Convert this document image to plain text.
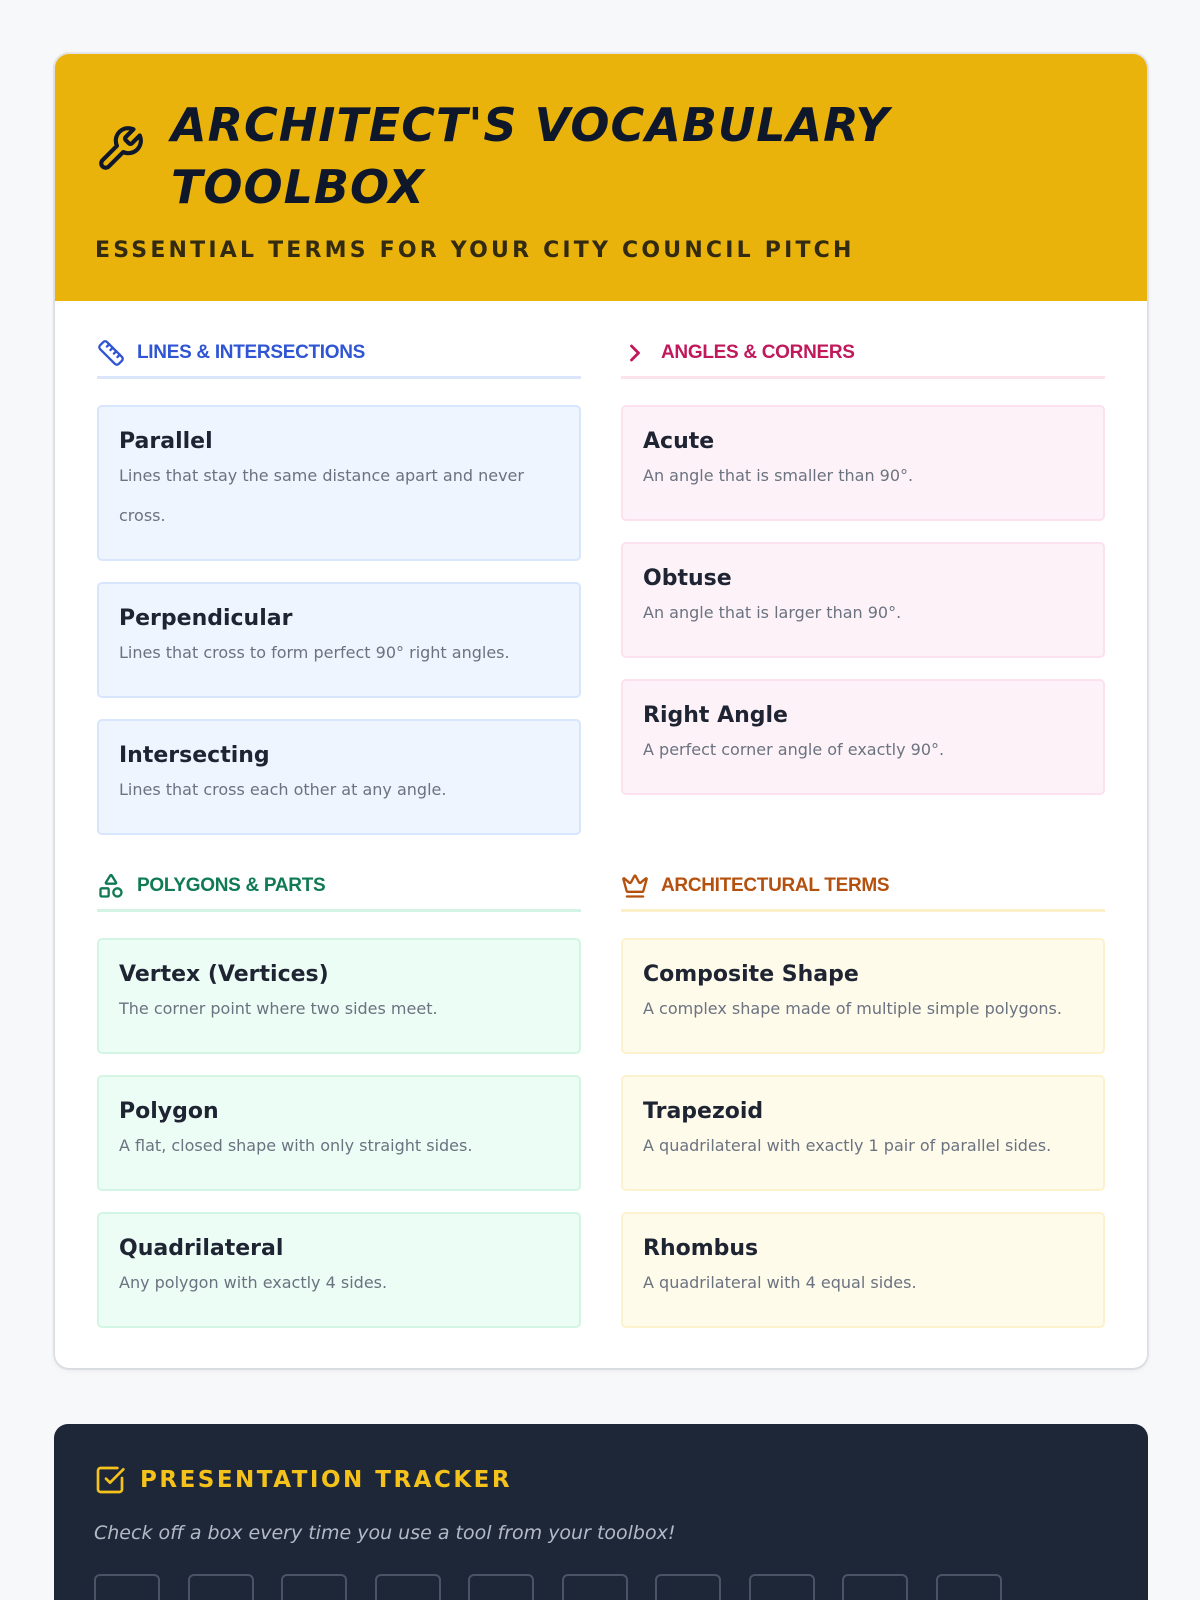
ARCHITECT'S VOCABULARY TOOLBOX
ESSENTIAL TERMS FOR YOUR CITY COUNCIL PITCH
LINES & INTERSECTIONS
Parallel
Lines that stay the same distance apart and never cross.
Perpendicular
Lines that cross to form perfect 90° right angles.
Intersecting
Lines that cross each other at any angle.
ANGLES & CORNERS
Acute
An angle that is smaller than 90°.
Obtuse
An angle that is larger than 90°.
Right Angle
A perfect corner angle of exactly 90°.
POLYGONS & PARTS
Vertex (Vertices)
The corner point where two sides meet.
Polygon
A flat, closed shape with only straight sides.
Quadrilateral
Any polygon with exactly 4 sides.
ARCHITECTURAL TERMS
Composite Shape
A complex shape made of multiple simple polygons.
Trapezoid
A quadrilateral with exactly 1 pair of parallel sides.
Rhombus
A quadrilateral with 4 equal sides.
PRESENTATION TRACKER
Check off a box every time you use a tool from your toolbox!
